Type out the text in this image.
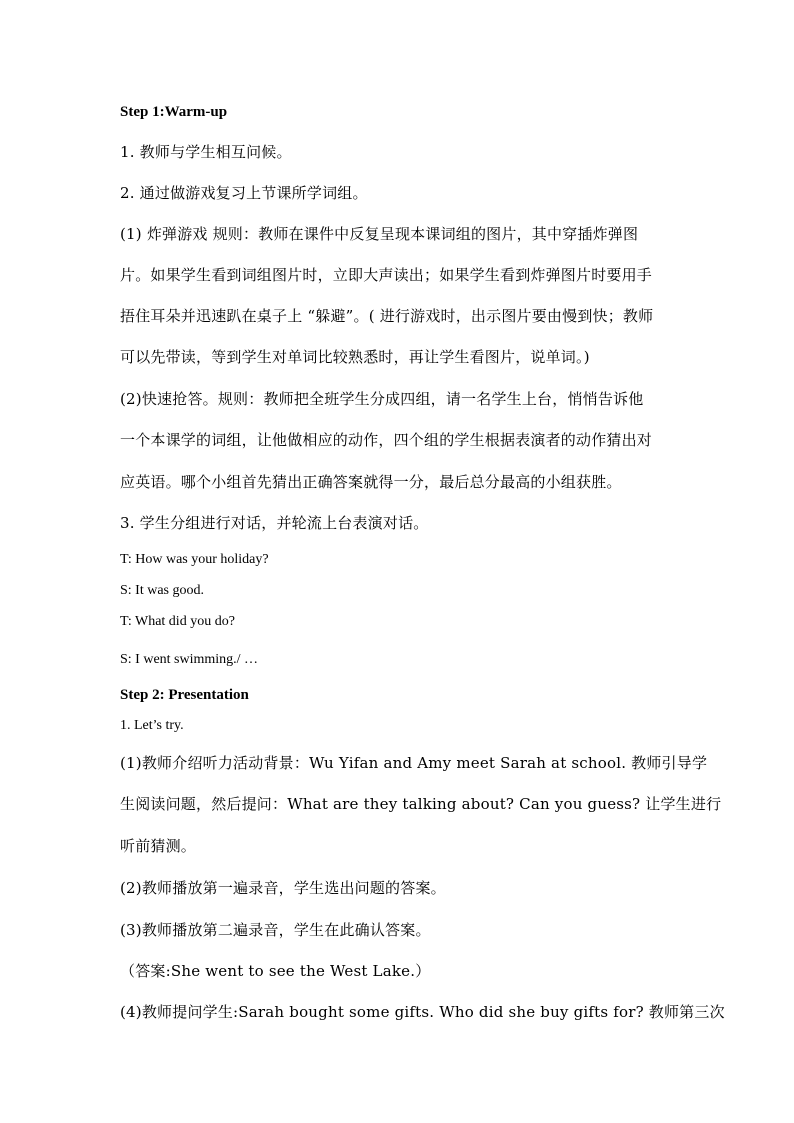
Step 1:Warm-up
1. 教师与学生相互问候。
2. 通过做游戏复习上节课所学词组。
(1) 炸弹游戏 规则：教师在课件中反复呈现本课词组的图片，其中穿插炸弹图
片。如果学生看到词组图片时，立即大声读出；如果学生看到炸弹图片时要用手
捂住耳朵并迅速趴在桌子上 “躲避”。( 进行游戏时，出示图片要由慢到快；教师
可以先带读，等到学生对单词比较熟悉时，再让学生看图片，说单词。)
(2)快速抢答。规则：教师把全班学生分成四组，请一名学生上台，悄悄告诉他
一个本课学的词组，让他做相应的动作，四个组的学生根据表演者的动作猜出对
应英语。哪个小组首先猜出正确答案就得一分，最后总分最高的小组获胜。
3. 学生分组进行对话，并轮流上台表演对话。
T: How was your holiday?
S: It was good.
T: What did you do?
S: I went swimming./ …
Step 2: Presentation
1. Let’s try.
(1)教师介绍听力活动背景：Wu Yifan and Amy meet Sarah at school. 教师引导学
生阅读问题，然后提问：What are they talking about? Can you guess? 让学生进行
听前猜测。
(2)教师播放第一遍录音，学生选出问题的答案。
(3)教师播放第二遍录音，学生在此确认答案。
（答案:She went to see the West Lake.）
(4)教师提问学生:Sarah bought some gifts. Who did she buy gifts for? 教师第三次
